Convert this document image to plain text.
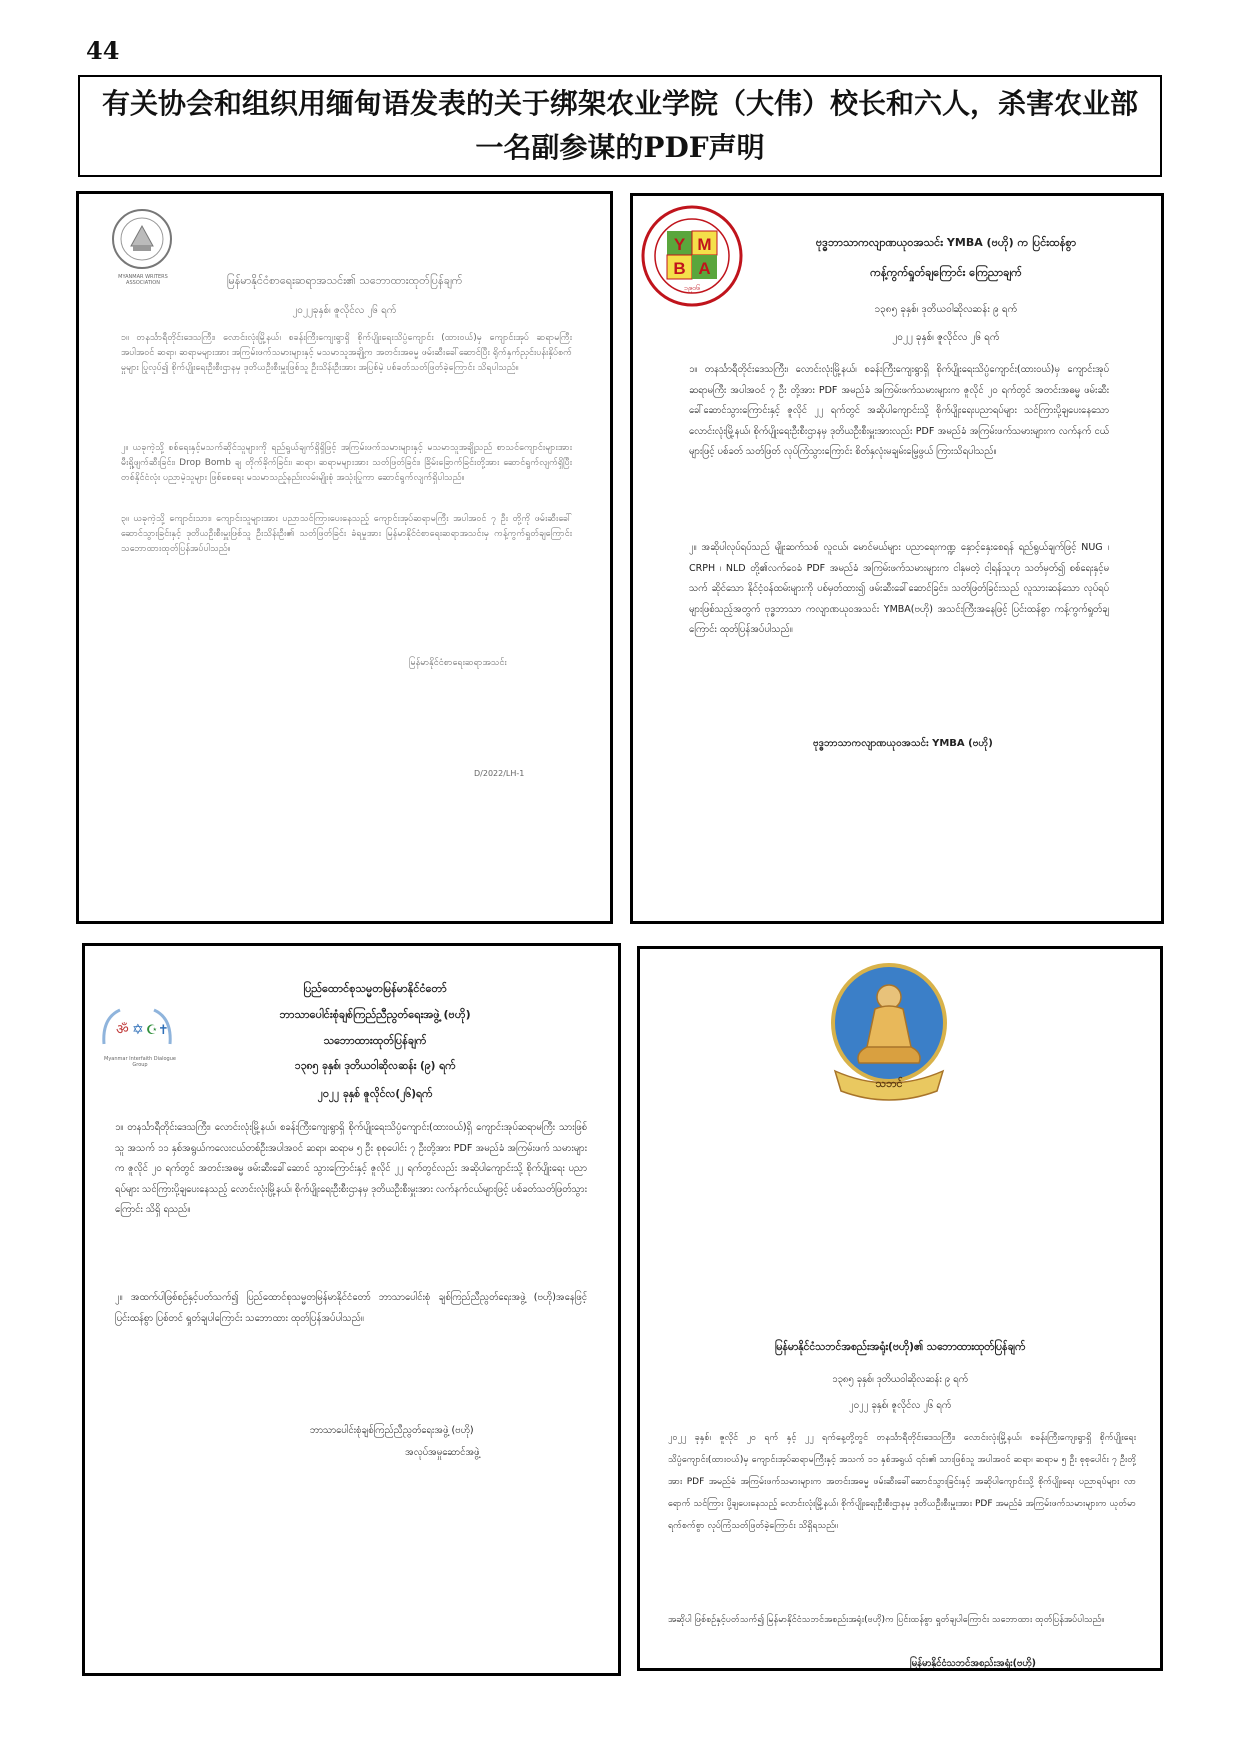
44
有关协会和组织用缅甸语发表的关于绑架农业学院（大伟）校长和六人，杀害农业部一名副参谋的PDF声明
MYANMAR WRITERS ASSOCIATION	မြန်မာနိုင်ငံစာရေးဆရာအသင်း၏ သဘောထားထုတ်ပြန်ချက်
၂၀၂၂ခုနှစ်၊ ဇူလိုင်လ ၂၆ ရက်
၁။ တနင်္သာရီတိုင်းဒေသကြီး၊ လောင်းလုံးမြို့နယ်၊ စခန်းကြီးကျေးရွာရှိ စိုက်ပျိုးရေးသိပ္ပံကျောင်း (ထားဝယ်)မှ ကျောင်းအုပ် ဆရာမကြီး အပါအဝင် ဆရာ၊ ဆရာမများအား အကြမ်းဖက်သမားများနှင့် မသမာသူအချို့က အတင်းအဓမ္မ ဖမ်းဆီးခေါ်ဆောင်ပြီး ရိုက်နှက်ညှင်းပန်းနှိပ်စက်မှုများ ပြုလုပ်၍ စိုက်ပျိုးရေးဦးစီးဌာနမှ ဒုတိယဦးစီးမှူးဖြစ်သူ ဦးသိန်းဦးအား အပြစ်မဲ့ ပစ်ခတ်သတ်ဖြတ်ခဲ့ကြောင်း သိရပါသည်။
၂။ ယခုကဲ့သို့ စစ်ရေးနှင့်မသက်ဆိုင်သူများကို ရည်ရွယ်ချက်ရှိရှိဖြင့် အကြမ်းဖက်သမားများနှင့် မသမာသူအချို့သည် စာသင်ကျောင်းများအား မီးရှို့ဖျက်ဆီးခြင်း၊ Drop Bomb ချ တိုက်ခိုက်ခြင်း၊ ဆရာ၊ ဆရာမများအား သတ်ဖြတ်ခြင်း၊ ခြိမ်းခြောက်ခြင်းတို့အား ဆောင်ရွက်လျက်ရှိပြီး တစ်နိုင်ငံလုံး ပညာမဲ့သူများ ဖြစ်စေရေး မသမာသည့်နည်းလမ်းမျိုးစုံ အသုံးပြုကာ ဆောင်ရွက်လျက်ရှိပါသည်။
၃။ ယခုကဲ့သို့ ကျောင်းသား၊ ကျောင်းသူများအား ပညာသင်ကြားပေးနေသည့် ကျောင်းအုပ်ဆရာမကြီး အပါအဝင် ၇ ဦး တို့ကို ဖမ်းဆီးခေါ်ဆောင်သွားခြင်းနှင့် ဒုတိယဦးစီးမှူးဖြစ်သူ ဦးသိန်းဦး၏ သတ်ဖြတ်ခြင်း ခံရမှုအား မြန်မာနိုင်ငံစာရေးဆရာအသင်းမှ ကန့်ကွက်ရှုတ်ချကြောင်း သဘောထားထုတ်ပြန်အပ်ပါသည်။
မြန်မာနိုင်ငံစာရေးဆရာအသင်း
D/2022/LH-1
Y M
B A
၁၉၀၆
ဗုဒ္ဓဘာသာကလျာဏယုဝအသင်း YMBA (ဗဟို) က ပြင်းထန်စွာ
ကန့်ကွက်ရှုတ်ချကြောင်း ကြေညာချက်
၁၃၈၅ ခုနှစ်၊ ဒုတိယဝါဆိုလဆန်း ၉ ရက်
၂၀၂၂ ခုနှစ်၊ ဇူလိုင်လ ၂၆ ရက်
၁။ တနင်္သာရီတိုင်းဒေသကြီး၊ လောင်းလုံးမြို့နယ်၊ စခန်းကြီးကျေးရွာရှိ စိုက်ပျိုးရေးသိပ္ပံကျောင်း(ထားဝယ်)မှ ကျောင်းအုပ်ဆရာမကြီး အပါအဝင် ၇ ဦး တို့အား PDF အမည်ခံ အကြမ်းဖက်သမားများက ဇူလိုင် ၂၀ ရက်တွင် အတင်းအဓမ္မ ဖမ်းဆီးခေါ်ဆောင်သွားကြောင်းနှင့် ဇူလိုင် ၂၂ ရက်တွင် အဆိုပါကျောင်းသို့ စိုက်ပျိုးရေးပညာရပ်များ သင်ကြားပို့ချပေးနေသော လောင်းလုံးမြို့နယ်၊ စိုက်ပျိုးရေးဦးစီးဌာနမှ ဒုတိယဦးစီးမှူးအားလည်း PDF အမည်ခံ အကြမ်းဖက်သမားများက လက်နက် ငယ်များဖြင့် ပစ်ခတ် သတ်ဖြတ် လုပ်ကြံသွားကြောင်း စိတ်နှလုံးမချမ်းမြေ့ဖွယ် ကြားသိရပါသည်။
၂။ အဆိုပါလုပ်ရပ်သည် မျိုးဆက်သစ် လူငယ်၊ မောင်မယ်များ ပညာရေးကဏ္ဍ နှောင့်နှေးစေရန် ရည်ရွယ်ချက်ဖြင့် NUG ၊ CRPH ၊ NLD တို့၏လက်ဝေခံ PDF အမည်ခံ အကြမ်းဖက်သမားများက ငါနှမတဲ့ ငါ့ရန်သူဟု သတ်မှတ်၍ စစ်ရေးနှင့်မသက် ဆိုင်သော နိုင်ငံ့ဝန်ထမ်းများကို ပစ်မှတ်ထား၍ ဖမ်းဆီးခေါ်ဆောင်ခြင်း၊ သတ်ဖြတ်ခြင်းသည် လူသားဆန်သော လုပ်ရပ်များဖြစ်သည့်အတွက် ဗုဒ္ဓဘာသာ ကလျာဏယုဝအသင်း YMBA(ဗဟို) အသင်းကြီးအနေဖြင့် ပြင်းထန်စွာ ကန့်ကွက်ရှုတ်ချကြောင်း ထုတ်ပြန်အပ်ပါသည်။
ဗုဒ္ဓဘာသာကလျာဏယုဝအသင်း YMBA (ဗဟို)
ॐ ✡ ☪ ✝
Myanmar Interfaith Dialogue Group
ပြည်ထောင်စုသမ္မတမြန်မာနိုင်ငံတော်
ဘာသာပေါင်းစုံချစ်ကြည်ညီညွတ်ရေးအဖွဲ့ (ဗဟို)
သဘောထားထုတ်ပြန်ချက်
၁၃၈၅ ခုနှစ်၊ ဒုတိယဝါဆိုလဆန်း (၉) ရက်
၂၀၂၂ ခုနှစ် ဇူလိုင်လ(၂၆)ရက်
၁။ တနင်္သာရီတိုင်းဒေသကြီး၊ လောင်းလုံးမြို့နယ်၊ စခန်းကြီးကျေးရွာရှိ စိုက်ပျိုးရေးသိပ္ပံကျောင်း(ထားဝယ်)ရှိ ကျောင်းအုပ်ဆရာမကြီး သားဖြစ်သူ အသက် ၁၁ နှစ်အရွယ်ကလေးငယ်တစ်ဦးအပါအဝင် ဆရာ၊ ဆရာမ ၅ ဦး စုစုပေါင်း ၇ ဦးတို့အား PDF အမည်ခံ အကြမ်းဖက် သမားများက ဇူလိုင် ၂၀ ရက်တွင် အတင်းအဓမ္မ ဖမ်းဆီးခေါ်ဆောင် သွားကြောင်းနှင့် ဇူလိုင် ၂၂ ရက်တွင်လည်း အဆိုပါကျောင်းသို့ စိုက်ပျိုးရေး ပညာ ရပ်များ သင်ကြားပို့ချပေးနေသည့် လောင်းလုံးမြို့နယ်၊ စိုက်ပျိုးရေးဦးစီးဌာနမှ ဒုတိယဦးစီးမှူးအား လက်နက်ငယ်များဖြင့် ပစ်ခတ်သတ်ဖြတ်သွားကြောင်း သိရှိ ရသည်။
၂။ အထက်ပါဖြစ်စဉ်နှင့်ပတ်သက်၍ ပြည်ထောင်စုသမ္မတမြန်မာနိုင်ငံတော် ဘာသာပေါင်းစုံ ချစ်ကြည်ညီညွတ်ရေးအဖွဲ့ (ဗဟို)အနေဖြင့် ပြင်းထန်စွာ ပြစ်တင် ရှုတ်ချပါကြောင်း သဘောထား ထုတ်ပြန်အပ်ပါသည်။
ဘာသာပေါင်းစုံချစ်ကြည်ညီညွတ်ရေးအဖွဲ့ (ဗဟို)
အလုပ်အမှုဆောင်အဖွဲ့
သဘင်
မြန်မာနိုင်ငံသဘင်အစည်းအရုံး(ဗဟို)၏ သဘောထားထုတ်ပြန်ချက်
၁၃၈၅ ခုနှစ်၊ ဒုတိယဝါဆိုလဆန်း ၉ ရက်
၂၀၂၂ ခုနှစ်၊ ဇူလိုင်လ ၂၆ ရက်
၂၀၂၂ ခုနှစ်၊ ဇူလိုင် ၂၀ ရက် နှင့် ၂၂ ရက်နေ့တို့တွင် တနင်္သာရီတိုင်းဒေသကြီး၊ လောင်းလုံးမြို့နယ်၊ စခန်းကြီးကျေးရွာရှိ စိုက်ပျိုးရေးသိပ္ပံကျောင်း(ထားဝယ်)မှ ကျောင်းအုပ်ဆရာမကြီးနှင့် အသက် ၁၁ နှစ်အရွယ် ၎င်း၏ သားဖြစ်သူ အပါအဝင် ဆရာ၊ ဆရာမ ၅ ဦး စုစုပေါင်း ၇ ဦးတို့အား PDF အမည်ခံ အကြမ်းဖက်သမားများက အတင်းအဓမ္မ ဖမ်းဆီးခေါ်ဆောင်သွားခြင်းနှင့် အဆိုပါကျောင်းသို့ စိုက်ပျိုးရေး ပညာရပ်များ လာရောက် သင်ကြား ပို့ချပေးနေသည့် လောင်းလုံးမြို့နယ်၊ စိုက်ပျိုးရေးဦးစီးဌာနမှ ဒုတိယဦးစီးမှူးအား PDF အမည်ခံ အကြမ်းဖက်သမားများက ယုတ်မာရက်စက်စွာ လုပ်ကြံသတ်ဖြတ်ခဲ့ကြောင်း သိရှိရသည်။
အဆိုပါ ဖြစ်စဉ်နှင့်ပတ်သက်၍ မြန်မာနိုင်ငံသဘင်အစည်းအရုံး(ဗဟို)က ပြင်းထန်စွာ ရှုတ်ချပါကြောင်း သဘောထား ထုတ်ပြန်အပ်ပါသည်။
မြန်မာနိုင်ငံသဘင်အစည်းအရုံး(ဗဟို)
